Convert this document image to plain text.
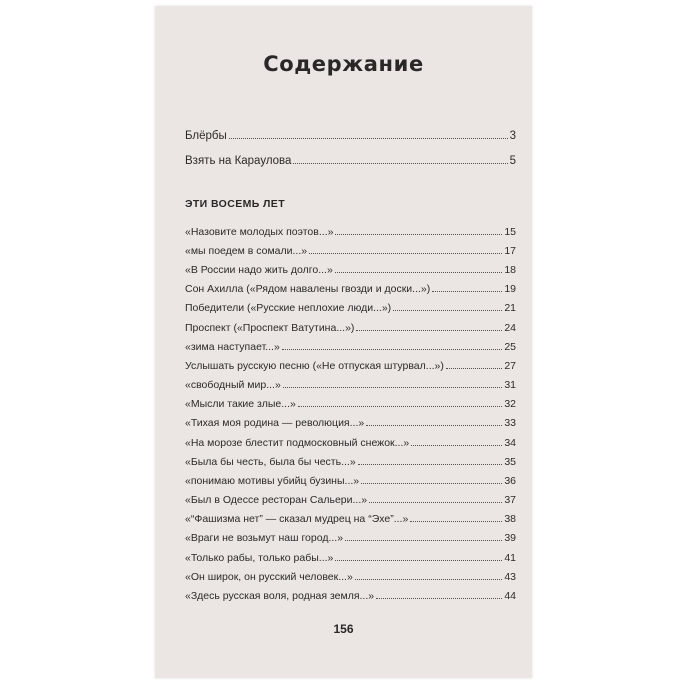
Содержание
Блёрбы	3
Взять на Караулова	5
ЭТИ ВОСЕМЬ ЛЕТ
«Назовите молодых поэтов...»	15
«мы поедем в сомали...»	17
«В России надо жить долго...»	18
Сон Ахилла («Рядом навалены гвозди и доски...»)	19
Победители («Русские неплохие люди...»)	21
Проспект («Проспект Ватутина...»)	24
«зима наступает...»	25
Услышать русскую песню («Не отпуская штурвал...»)	27
«свободный мир...»	31
«Мысли такие злые...»	32
«Тихая моя родина — революция...»	33
«На морозе блестит подмосковный снежок...»	34
«Была бы честь, была бы честь...»	35
«понимаю мотивы убийц бузины...»	36
«Был в Одессе ресторан Сальери...»	37
«“Фашизма нет” — сказал мудрец на “Эхе”...»	38
«Враги не возьмут наш город...»	39
«Только рабы, только рабы...»	41
«Он широк, он русский человек...»	43
«Здесь русская воля, родная земля...»	44
156
